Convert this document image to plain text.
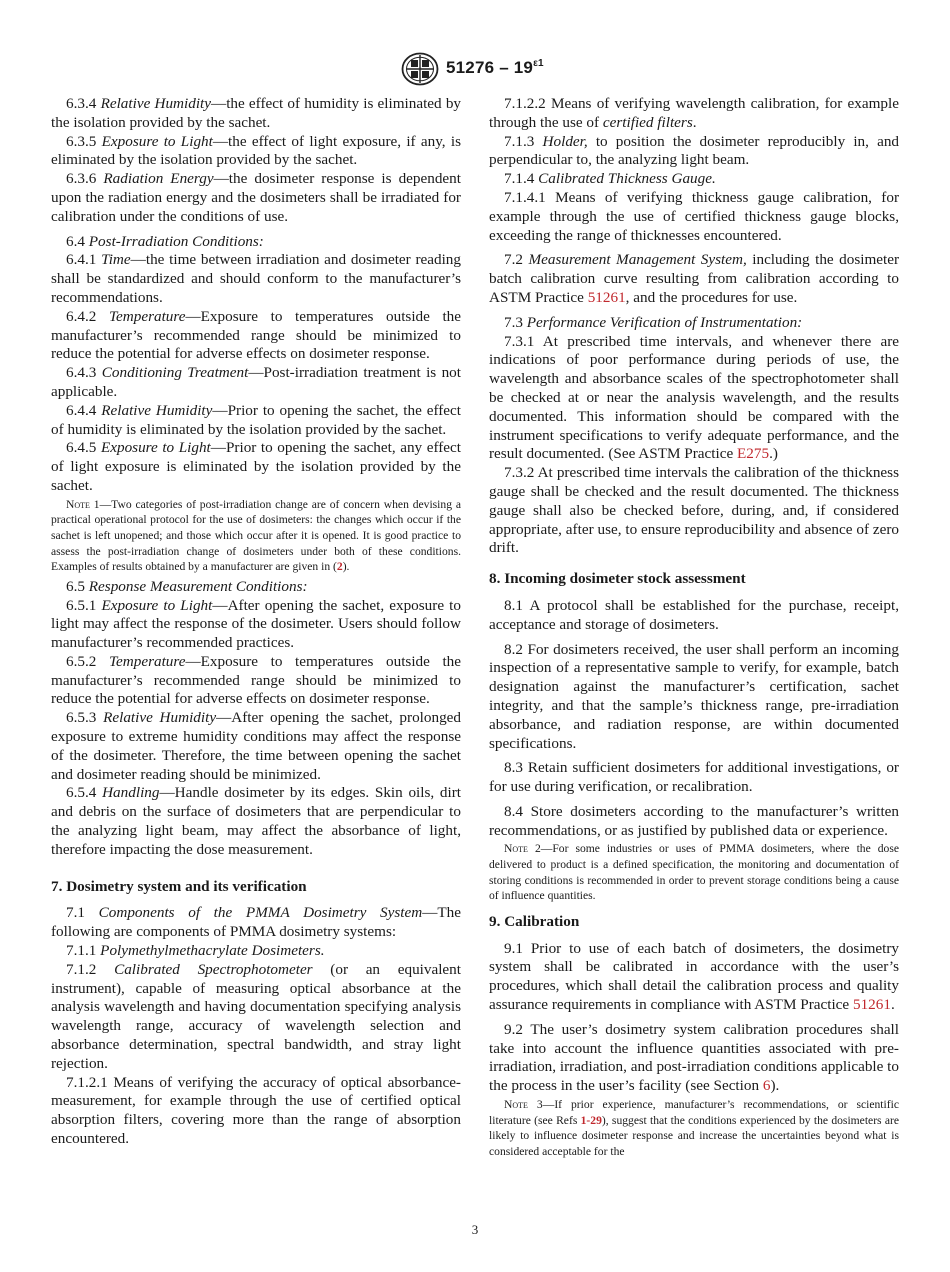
$51276 - 19^{\varepsilon 1}$

6.3.4 Relative Humidity—the effect of humidity is eliminated by the isolation provided by the sachet.

6.3.5 Exposure to Light—the effect of light exposure, if any, is eliminated by the isolation provided by the sachet.

6.3.6 Radiation Energy—the dosimeter response is dependent upon the radiation energy and the dosimeters shall be irradiated for calibration under the conditions of use.

6.4 Post-Irradiation Conditions:

6.4.1 Time—the time between irradiation and dosimeter reading shall be standardized and should conform to the manufacturer’s recommendations.

6.4.2 Temperature—Exposure to temperatures outside the manufacturer’s recommended range should be minimized to reduce the potential for adverse effects on dosimeter response.

6.4.3 Conditioning Treatment—Post-irradiation treatment is not applicable.

6.4.4 Relative Humidity—Prior to opening the sachet, the effect of humidity is eliminated by the isolation provided by the sachet.

6.4.5 Exposure to Light—Prior to opening the sachet, any effect of light exposure is eliminated by the isolation provided by the sachet.

Note 1—Two categories of post-irradiation change are of concern when devising a practical operational protocol for the use of dosimeters: the changes which occur if the sachet is left unopened; and those which occur after it is opened. It is good practice to assess the post-irradiation change of dosimeters under both of these conditions. Examples of results obtained by a manufacturer are given in (2).

6.5 Response Measurement Conditions:

6.5.1 Exposure to Light—After opening the sachet, exposure to light may affect the response of the dosimeter. Users should follow manufacturer’s recommended practices.

6.5.2 Temperature—Exposure to temperatures outside the manufacturer’s recommended range should be minimized to reduce the potential for adverse effects on dosimeter response.

6.5.3 Relative Humidity—After opening the sachet, prolonged exposure to extreme humidity conditions may affect the response of the dosimeter. Therefore, the time between opening the sachet and dosimeter reading should be minimized.

6.5.4 Handling—Handle dosimeter by its edges. Skin oils, dirt and debris on the surface of dosimeters that are perpendicular to the analyzing light beam, may affect the absorbance of light, therefore impacting the dose measurement.

7. Dosimetry system and its verification

7.1 Components of the PMMA Dosimetry System—The following are components of PMMA dosimetry systems:

7.1.1 Polymethylmethacrylate Dosimeters.

7.1.2 Calibrated Spectrophotometer (or an equivalent instrument), capable of measuring optical absorbance at the analysis wavelength and having documentation specifying analysis wavelength range, accuracy of wavelength selection and absorbance determination, spectral bandwidth, and stray light rejection.

7.1.2.1 Means of verifying the accuracy of optical absorbance-measurement, for example through the use of certified optical absorption filters, covering more than the range of absorption encountered.

7.1.2.2 Means of verifying wavelength calibration, for example through the use of certified filters.

7.1.3 Holder, to position the dosimeter reproducibly in, and perpendicular to, the analyzing light beam.

7.1.4 Calibrated Thickness Gauge.

7.1.4.1 Means of verifying thickness gauge calibration, for example through the use of certified thickness gauge blocks, exceeding the range of thicknesses encountered.

7.2 Measurement Management System, including the dosimeter batch calibration curve resulting from calibration according to ASTM Practice 51261, and the procedures for use.

7.3 Performance Verification of Instrumentation:

7.3.1 At prescribed time intervals, and whenever there are indications of poor performance during periods of use, the wavelength and absorbance scales of the spectrophotometer shall be checked at or near the analysis wavelength, and the results documented. This information should be compared with the instrument specifications to verify adequate performance, and the result documented. (See ASTM Practice E275.)

7.3.2 At prescribed time intervals the calibration of the thickness gauge shall be checked and the result documented. The thickness gauge shall also be checked before, during, and, if considered appropriate, after use, to ensure reproducibility and absence of zero drift.

8. Incoming dosimeter stock assessment

8.1 A protocol shall be established for the purchase, receipt, acceptance and storage of dosimeters.

8.2 For dosimeters received, the user shall perform an incoming inspection of a representative sample to verify, for example, batch designation against the manufacturer’s certification, sachet integrity, and that the sample’s thickness range, pre-irradiation absorbance, and radiation response, are within documented specifications.

8.3 Retain sufficient dosimeters for additional investigations, or for use during verification, or recalibration.

8.4 Store dosimeters according to the manufacturer’s written recommendations, or as justified by published data or experience.

Note 2—For some industries or uses of PMMA dosimeters, where the dose delivered to product is a defined specification, the monitoring and documentation of storing conditions is recommended in order to prevent storage conditions being a cause of influence quantities.

9. Calibration

9.1 Prior to use of each batch of dosimeters, the dosimetry system shall be calibrated in accordance with the user’s procedures, which shall detail the calibration process and quality assurance requirements in compliance with ASTM Practice 51261.

9.2 The user’s dosimetry system calibration procedures shall take into account the influence quantities associated with pre-irradiation, irradiation, and post-irradiation conditions applicable to the process in the user’s facility (see Section 6).

Note 3—If prior experience, manufacturer’s recommendations, or scientific literature (see Refs 1-29), suggest that the conditions experienced by the dosimeters are likely to influence dosimeter response and increase the uncertainties beyond what is considered acceptable for the

3
